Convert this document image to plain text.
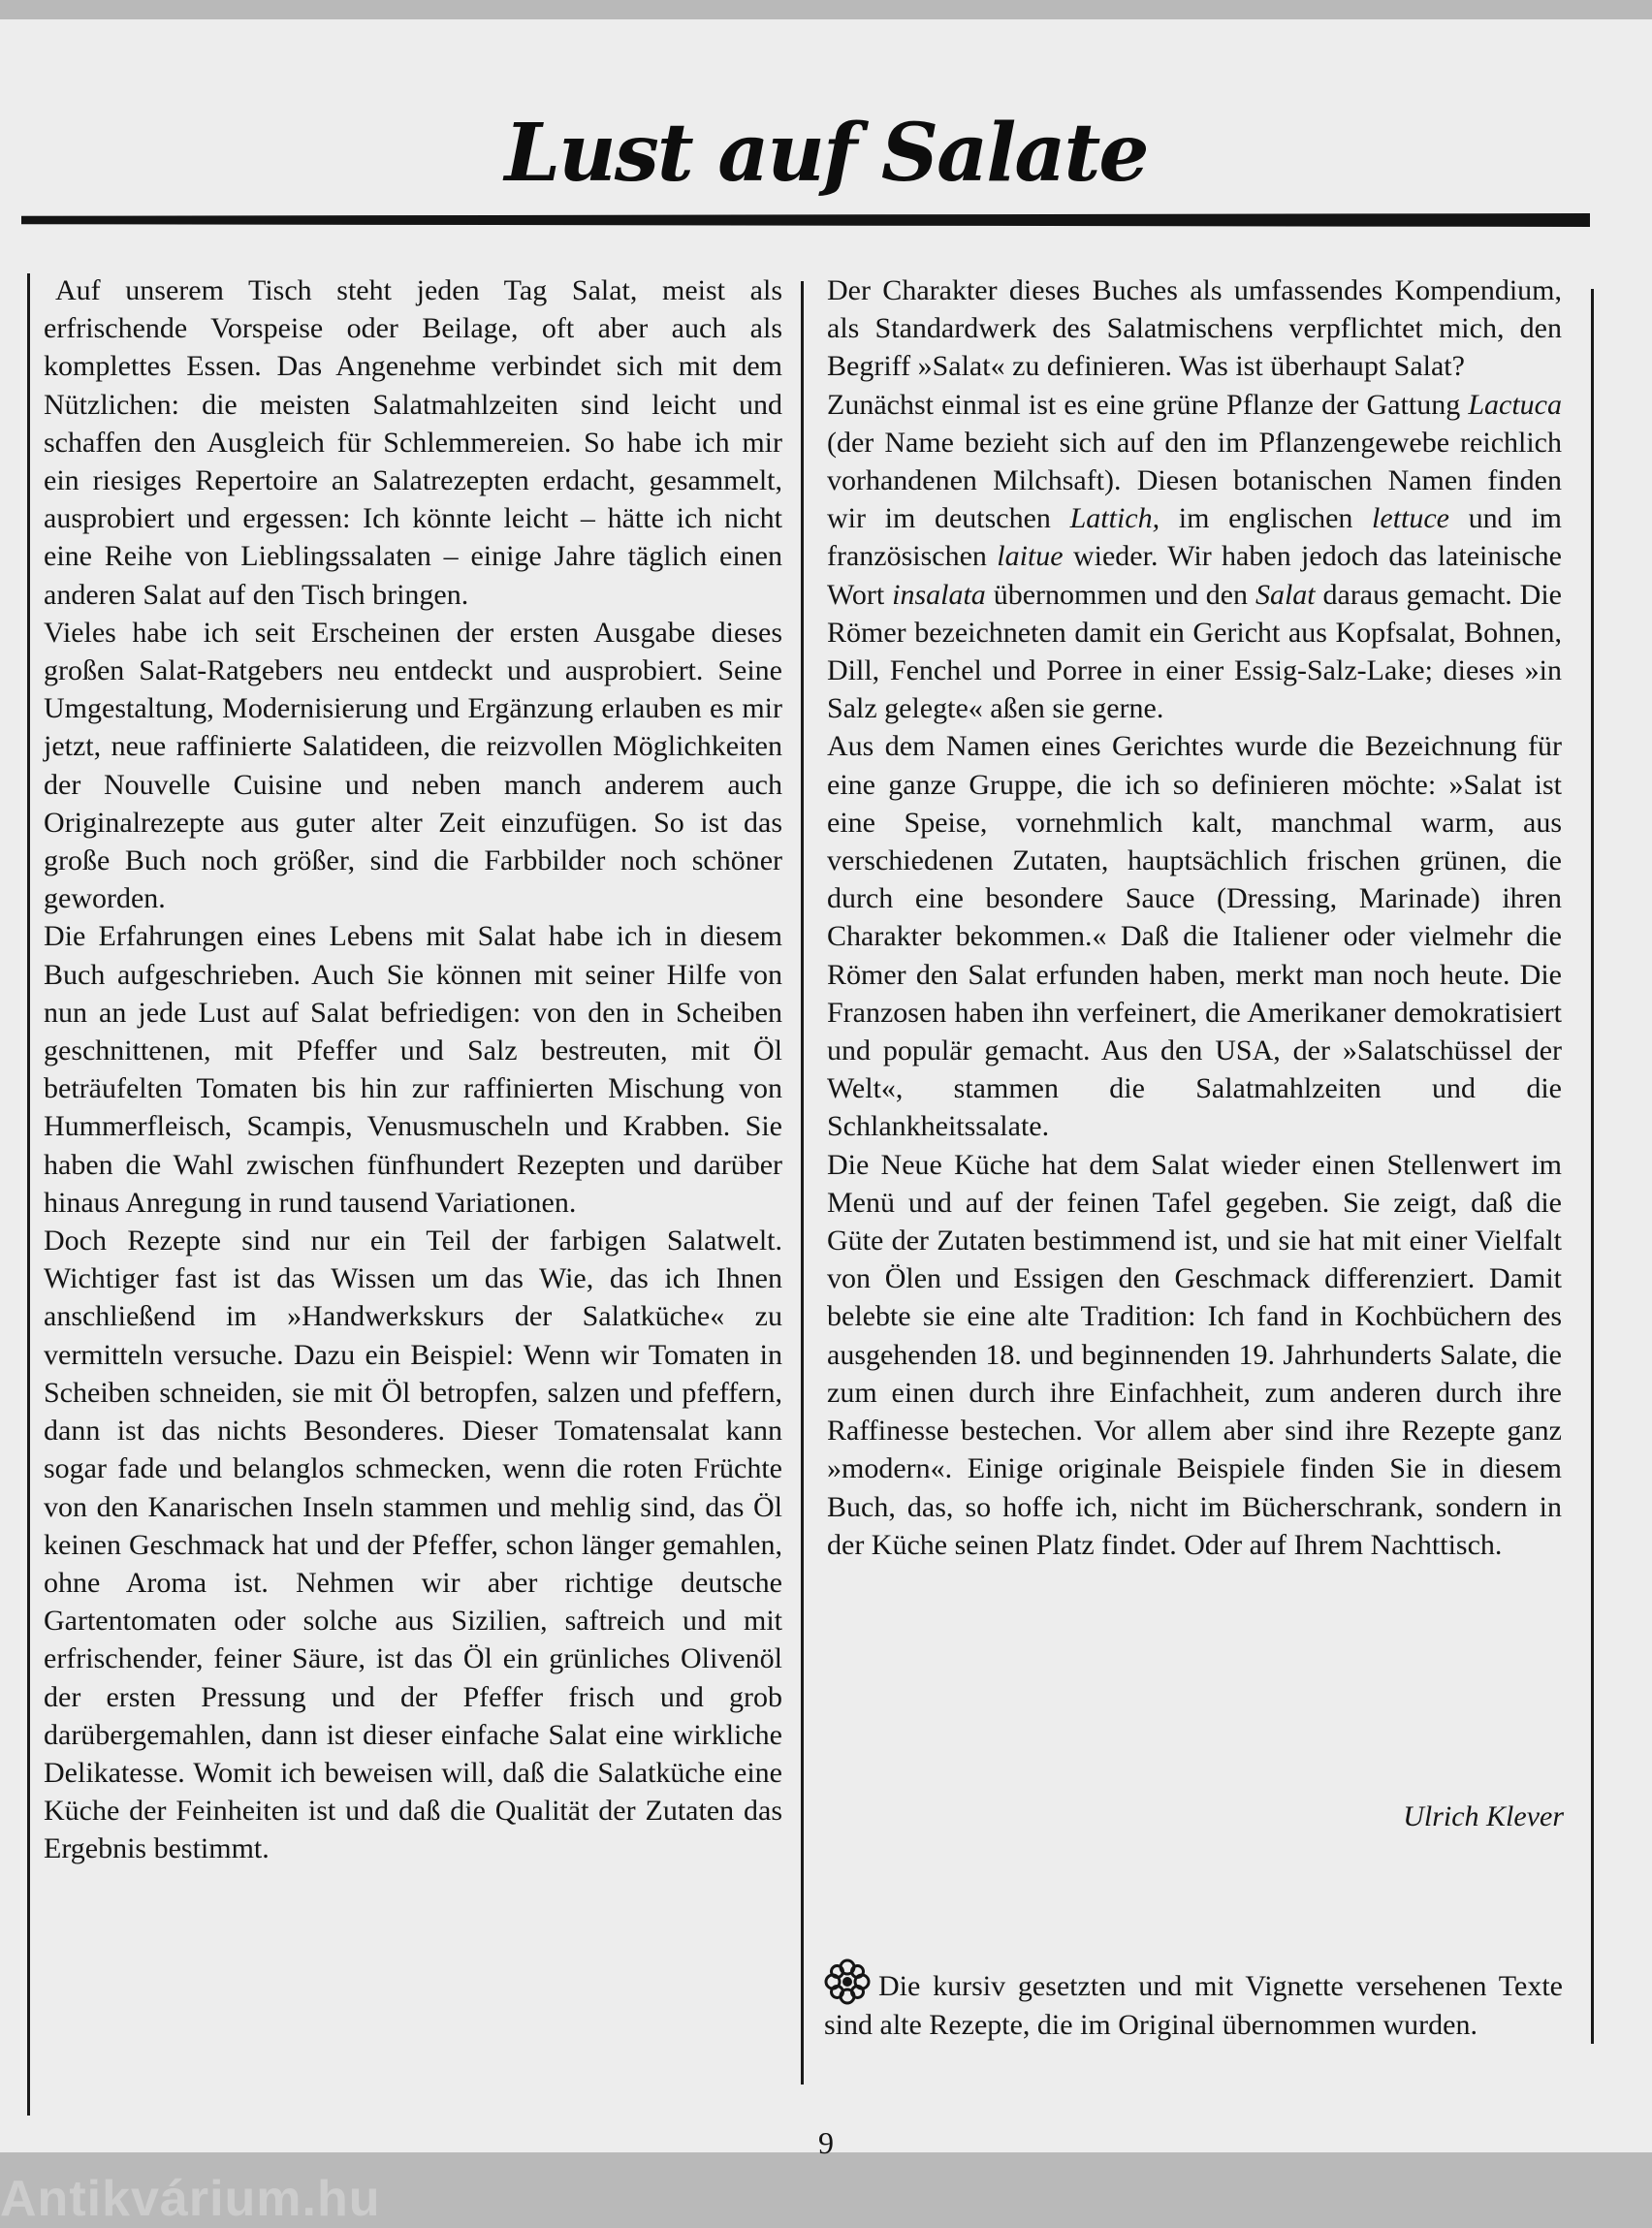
Lust auf Salate

Auf unserem Tisch steht jeden Tag Salat, meist als erfrischende Vorspeise oder Beilage, oft aber auch als komplettes Essen. Das Angenehme verbindet sich mit dem Nützlichen: die meisten Salatmahlzeiten sind leicht und schaffen den Ausgleich für Schlemmereien. So habe ich mir ein riesiges Repertoire an Salatrezepten erdacht, gesammelt, ausprobiert und ergessen: Ich könnte leicht – hätte ich nicht eine Reihe von Lieblingssalaten – einige Jahre täglich einen anderen Salat auf den Tisch bringen.

Vieles habe ich seit Erscheinen der ersten Ausgabe dieses großen Salat-Ratgebers neu entdeckt und ausprobiert. Seine Umgestaltung, Modernisierung und Ergänzung erlauben es mir jetzt, neue raffinierte Salatideen, die reizvollen Möglichkeiten der Nouvelle Cuisine und neben manch anderem auch Originalrezepte aus guter alter Zeit einzufügen. So ist das große Buch noch größer, sind die Farbbilder noch schöner geworden.

Die Erfahrungen eines Lebens mit Salat habe ich in diesem Buch aufgeschrieben. Auch Sie können mit seiner Hilfe von nun an jede Lust auf Salat befriedigen: von den in Scheiben geschnittenen, mit Pfeffer und Salz bestreuten, mit Öl beträufelten Tomaten bis hin zur raffinierten Mischung von Hummerfleisch, Scampis, Venusmuscheln und Krabben. Sie haben die Wahl zwischen fünfhundert Rezepten und darüber hinaus Anregung in rund tausend Variationen.

Doch Rezepte sind nur ein Teil der farbigen Salatwelt. Wichtiger fast ist das Wissen um das Wie, das ich Ihnen anschließend im »Handwerkskurs der Salatküche« zu vermitteln versuche. Dazu ein Beispiel: Wenn wir Tomaten in Scheiben schneiden, sie mit Öl betropfen, salzen und pfeffern, dann ist das nichts Besonderes. Dieser Tomatensalat kann sogar fade und belanglos schmecken, wenn die roten Früchte von den Kanarischen Inseln stammen und mehlig sind, das Öl keinen Geschmack hat und der Pfeffer, schon länger gemahlen, ohne Aroma ist. Nehmen wir aber richtige deutsche Gartentomaten oder solche aus Sizilien, saftreich und mit erfrischender, feiner Säure, ist das Öl ein grünliches Olivenöl der ersten Pressung und der Pfeffer frisch und grob darübergemahlen, dann ist dieser einfache Salat eine wirkliche Delikatesse. Womit ich beweisen will, daß die Salatküche eine Küche der Feinheiten ist und daß die Qualität der Zutaten das Ergebnis bestimmt.

Der Charakter dieses Buches als umfassendes Kompendium, als Standardwerk des Salatmischens verpflichtet mich, den Begriff »Salat« zu definieren. Was ist überhaupt Salat?

Zunächst einmal ist es eine grüne Pflanze der Gattung Lactuca (der Name bezieht sich auf den im Pflanzengewebe reichlich vorhandenen Milchsaft). Diesen botanischen Namen finden wir im deutschen Lattich, im englischen lettuce und im französischen laitue wieder. Wir haben jedoch das lateinische Wort insalata übernommen und den Salat daraus gemacht. Die Römer bezeichneten damit ein Gericht aus Kopfsalat, Bohnen, Dill, Fenchel und Porree in einer Essig-Salz-Lake; dieses »in Salz gelegte« aßen sie gerne.

Aus dem Namen eines Gerichtes wurde die Bezeichnung für eine ganze Gruppe, die ich so definieren möchte: »Salat ist eine Speise, vornehmlich kalt, manchmal warm, aus verschiedenen Zutaten, hauptsächlich frischen grünen, die durch eine besondere Sauce (Dressing, Marinade) ihren Charakter bekommen.« Daß die Italiener oder vielmehr die Römer den Salat erfunden haben, merkt man noch heute. Die Franzosen haben ihn verfeinert, die Amerikaner demokratisiert und populär gemacht. Aus den USA, der »Salatschüssel der Welt«, stammen die Salatmahlzeiten und die Schlankheitssalate.

Die Neue Küche hat dem Salat wieder einen Stellenwert im Menü und auf der feinen Tafel gegeben. Sie zeigt, daß die Güte der Zutaten bestimmend ist, und sie hat mit einer Vielfalt von Ölen und Essigen den Geschmack differenziert. Damit belebte sie eine alte Tradition: Ich fand in Kochbüchern des ausgehenden 18. und beginnenden 19. Jahrhunderts Salate, die zum einen durch ihre Einfachheit, zum anderen durch ihre Raffinesse bestechen. Vor allem aber sind ihre Rezepte ganz »modern«. Einige originale Beispiele finden Sie in diesem Buch, das, so hoffe ich, nicht im Bücherschrank, sondern in der Küche seinen Platz findet. Oder auf Ihrem Nachttisch.

Ulrich Klever
Die kursiv gesetzten und mit Vignette versehenen Texte sind alte Rezepte, die im Original übernommen wurden.
9
Antikvárium.hu
